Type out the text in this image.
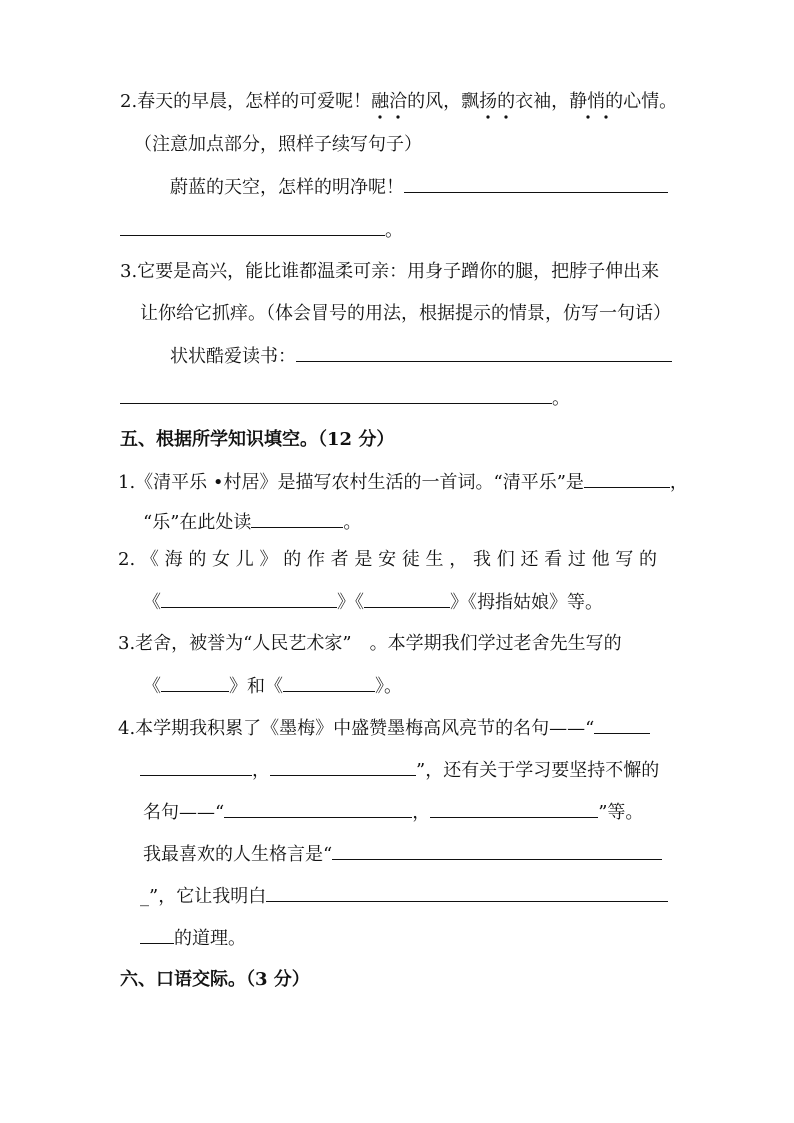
2.春天的早晨，怎样的可爱呢！融洽的风，飘扬的衣袖，静悄的心情。
（注意加点部分，照样子续写句子）
蔚蓝的天空，怎样的明净呢！
。
3.它要是高兴，能比谁都温柔可亲：用身子蹭你的腿，把脖子伸出来
让你给它抓痒。（体会冒号的用法，根据提示的情景，仿写一句话）
状状酷爱读书：
。
五、根据所学知识填空。（12 分）
1.《清平乐 •村居》是描写农村生活的一首词。“清平乐”是	，
“乐”在此处读	。
2. 《 海 的 女 儿 》 的 作 者 是 安 徒 生 ， 我 们 还 看 过 他 写 的
《	》《	》《拇指姑娘》等。
3.老舍，被誉为“人民艺术家”　。本学期我们学过老舍先生写的
《	》和《	》。
4.本学期我积累了《墨梅》中盛赞墨梅高风亮节的名句——“
，	”，还有关于学习要坚持不懈的
名句——“	，	”等。
我最喜欢的人生格言是“
_”，它让我明白
的道理。
六、口语交际。（3 分）
